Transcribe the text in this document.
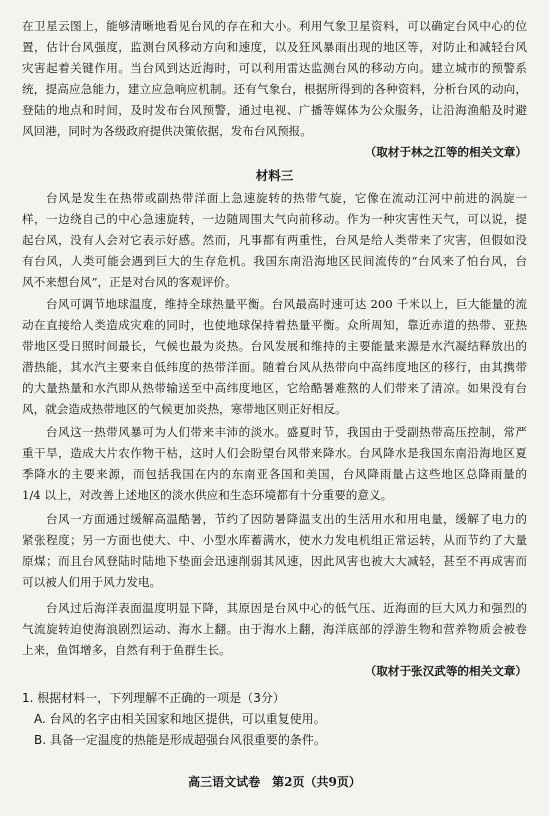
在卫星云图上，能够清晰地看见台风的存在和大小。利用气象卫星资料，可以确定台风中心的位
置，估计台风强度，监测台风移动方向和速度，以及狂风暴雨出现的地区等，对防止和减轻台风
灾害起着关键作用。当台风到达近海时，可以利用雷达监测台风的移动方向。建立城市的预警系
统，提高应急能力，建立应急响应机制。还有气象台，根据所得到的各种资料，分析台风的动向，
登陆的地点和时间，及时发布台风预警，通过电视、广播等媒体为公众服务，让沿海渔船及时避
风回港，同时为各级政府提供决策依据，发布台风预报。
（取材于林之江等的相关文章）
材料三
台风是发生在热带或副热带洋面上急速旋转的热带气旋，它像在流动江河中前进的涡旋一
样，一边绕自己的中心急速旋转，一边随周围大气向前移动。作为一种灾害性天气，可以说，提
起台风，没有人会对它表示好感。然而，凡事都有两重性，台风是给人类带来了灾害，但假如没
有台风，人类可能会遇到巨大的生存危机。我国东南沿海地区民间流传的“台风来了怕台风，台
风不来想台风”，正是对台风的客观评价。
台风可调节地球温度，维持全球热量平衡。台风最高时速可达 200 千米以上，巨大能量的流
动在直接给人类造成灾难的同时，也使地球保持着热量平衡。众所周知，靠近赤道的热带、亚热
带地区受日照时间最长，气候也最为炎热。台风发展和维持的主要能量来源是水汽凝结释放出的
潜热能，其水汽主要来自低纬度的热带洋面。随着台风从热带向中高纬度地区的移行，由其携带
的大量热量和水汽即从热带输送至中高纬度地区，它给酷暑难熬的人们带来了清凉。如果没有台
风，就会造成热带地区的气候更加炎热，寒带地区则正好相反。
台风这一热带风暴可为人们带来丰沛的淡水。盛夏时节，我国由于受副热带高压控制，常严
重干旱，造成大片农作物干枯，这时人们会盼望台风带来降水。台风降水是我国东南沿海地区夏
季降水的主要来源，而包括我国在内的东南亚各国和美国，台风降雨量占这些地区总降雨量的
1/4 以上，对改善上述地区的淡水供应和生态环境都有十分重要的意义。
台风一方面通过缓解高温酷暑，节约了因防暑降温支出的生活用水和用电量，缓解了电力的
紧张程度；另一方面也使大、中、小型水库蓄满水，使水力发电机组正常运转，从而节约了大量
原煤；而且台风登陆时陆地下垫面会迅速削弱其风速，因此风害也被大大减轻，甚至不再成害而
可以被人们用于风力发电。
台风过后海洋表面温度明显下降，其原因是台风中心的低气压、近海面的巨大风力和强烈的
气流旋转迫使海浪剧烈运动、海水上翻。由于海水上翻，海洋底部的浮游生物和营养物质会被卷
上来，鱼饵增多，自然有利于鱼群生长。
（取材于张汉武等的相关文章）
1. 根据材料一，下列理解不正确的一项是（3分）
A. 台风的名字由相关国家和地区提供，可以重复使用。
B. 具备一定温度的热能是形成超强台风很重要的条件。
高三语文试卷　第2页（共9页）
